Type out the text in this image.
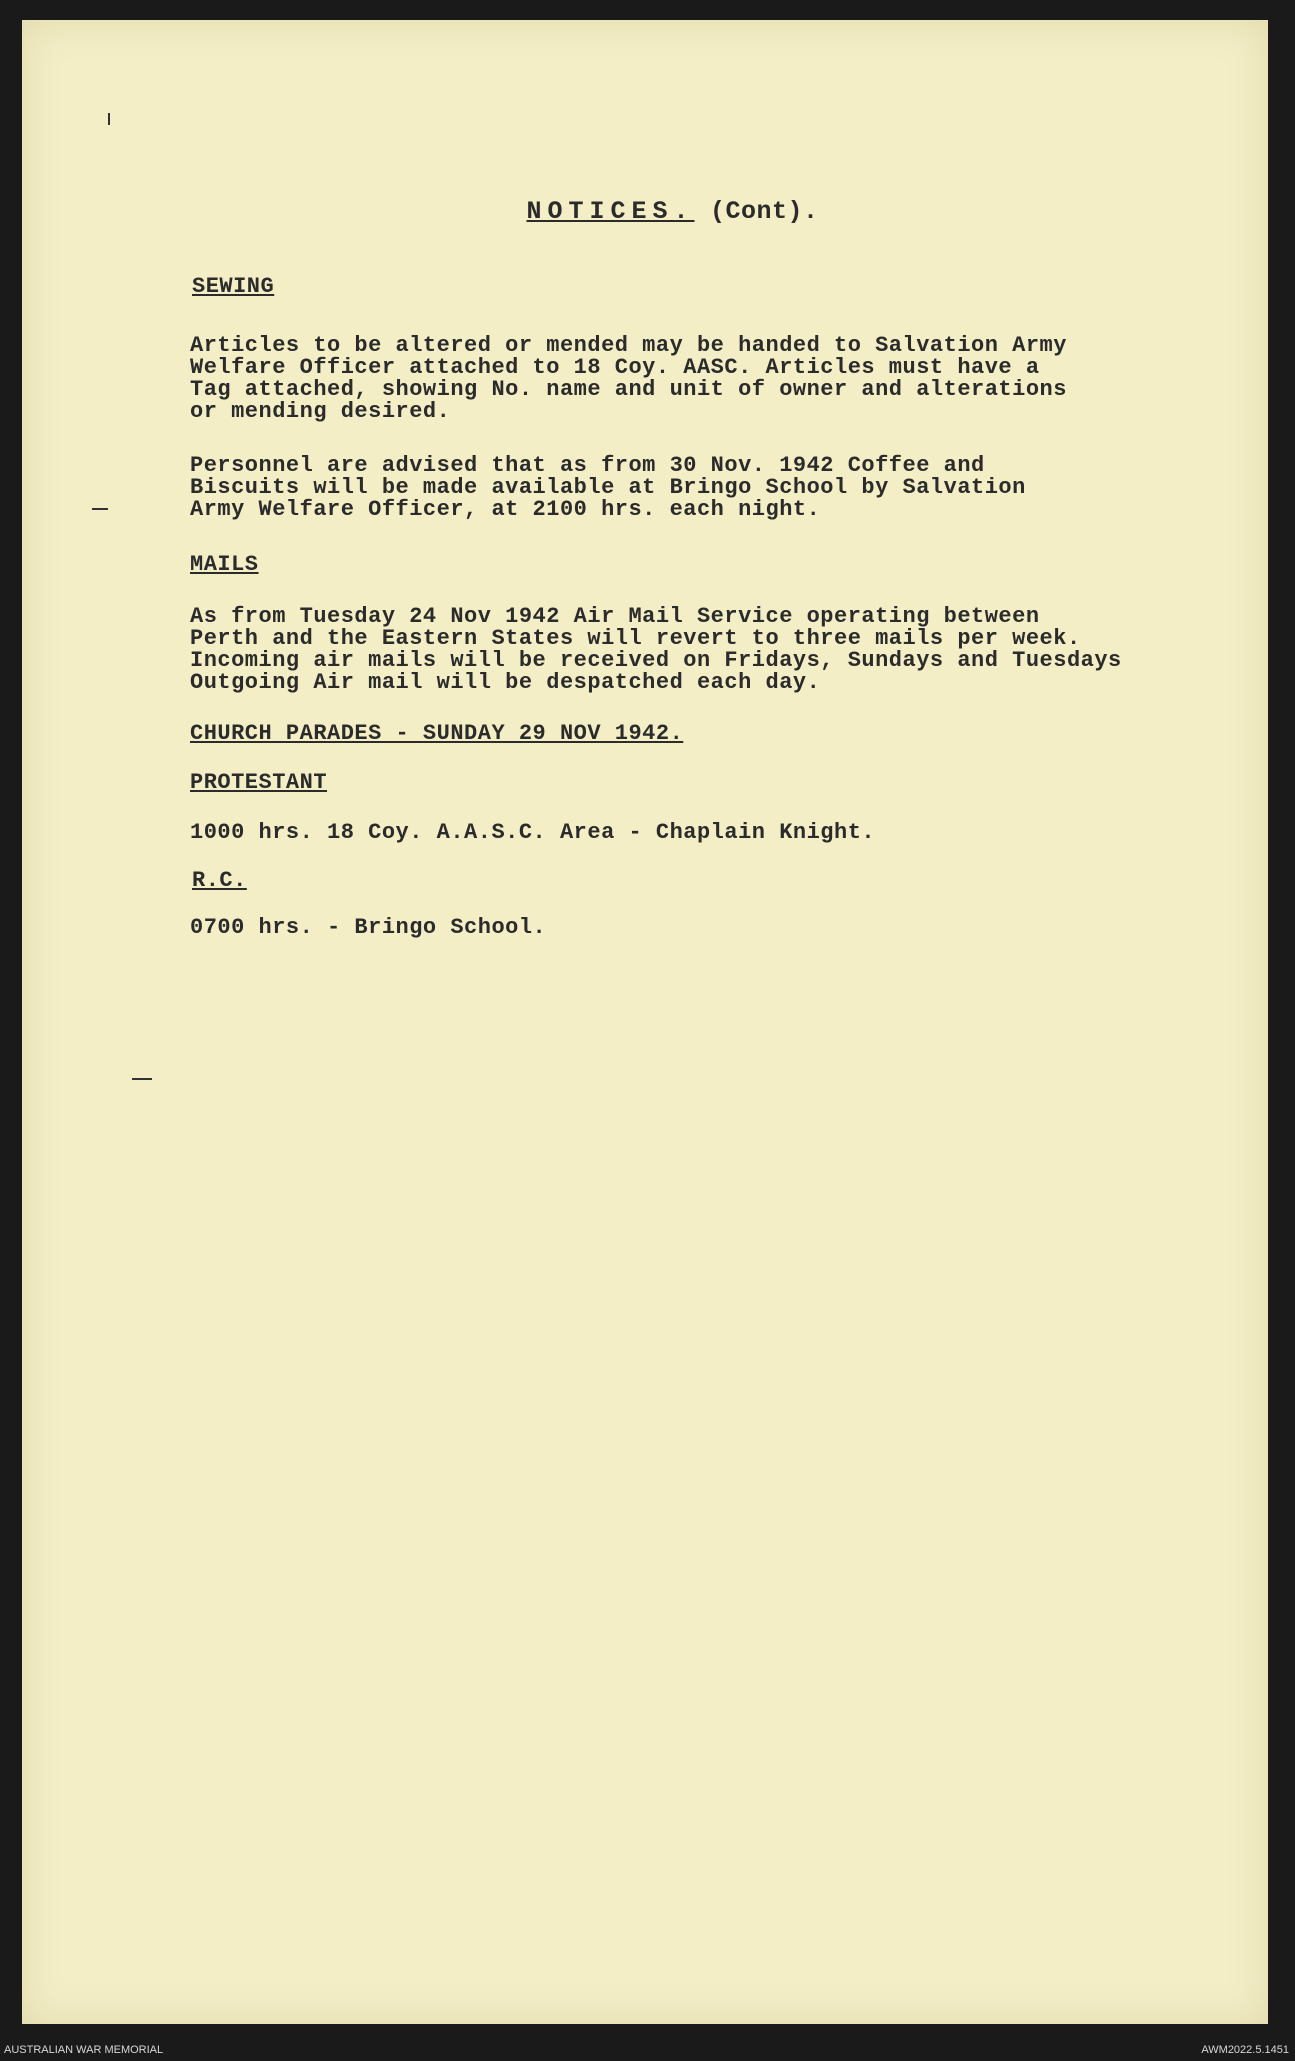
NOTICES. (Cont).
SEWING
Articles to be altered or mended may be handed to Salvation Army
Welfare Officer attached to 18 Coy. AASC. Articles must have a
Tag attached, showing No. name and unit of owner and alterations
or mending desired.
Personnel are advised that as from 30 Nov. 1942 Coffee and
Biscuits will be made available at Bringo School by Salvation
Army Welfare Officer, at 2100 hrs. each night.
MAILS
As from Tuesday 24 Nov 1942 Air Mail Service operating between
Perth and the Eastern States will revert to three mails per week.
Incoming air mails will be received on Fridays, Sundays and Tuesdays
Outgoing Air mail will be despatched each day.
CHURCH PARADES - SUNDAY 29 NOV 1942.
PROTESTANT
1000 hrs. 18 Coy. A.A.S.C. Area - Chaplain Knight.
R.C.
0700 hrs. - Bringo School.
AUSTRALIAN WAR MEMORIAL	AWM2022.5.1451
